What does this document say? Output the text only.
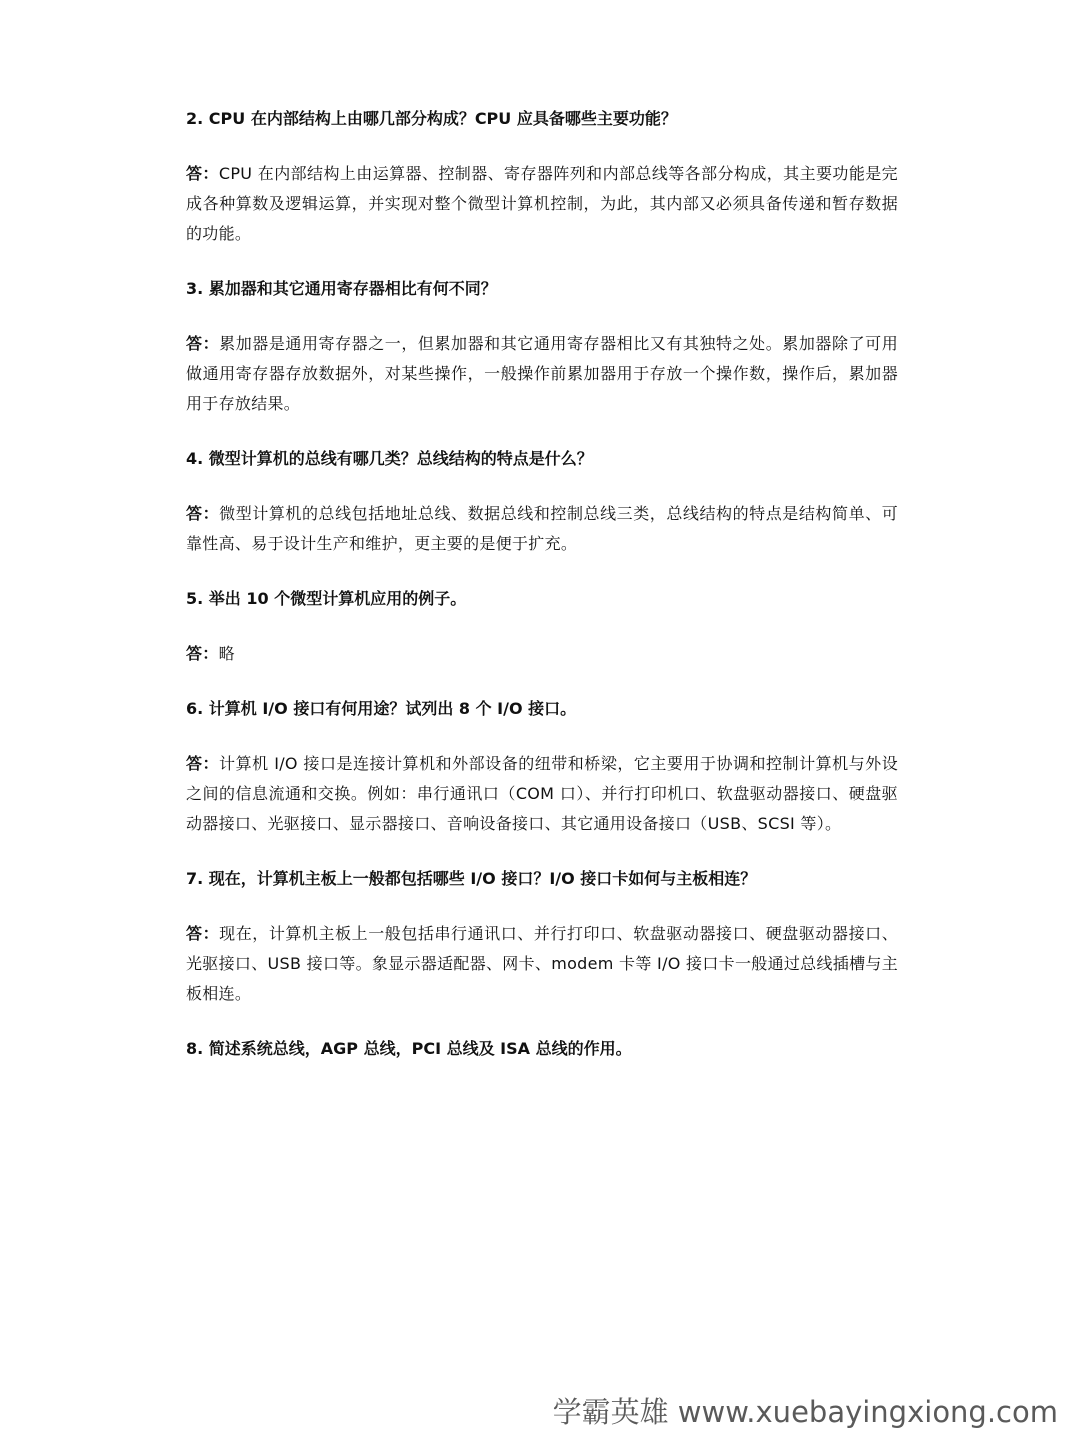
2. CPU 在内部结构上由哪几部分构成？CPU 应具备哪些主要功能？

答：CPU 在内部结构上由运算器、控制器、寄存器阵列和内部总线等各部分构成，其主要功能是完成各种算数及逻辑运算，并实现对整个微型计算机控制，为此，其内部又必须具备传递和暂存数据的功能。

3. 累加器和其它通用寄存器相比有何不同？

答：累加器是通用寄存器之一，但累加器和其它通用寄存器相比又有其独特之处。累加器除了可用做通用寄存器存放数据外，对某些操作，一般操作前累加器用于存放一个操作数，操作后，累加器用于存放结果。

4. 微型计算机的总线有哪几类？总线结构的特点是什么？

答：微型计算机的总线包括地址总线、数据总线和控制总线三类，总线结构的特点是结构简单、可靠性高、易于设计生产和维护，更主要的是便于扩充。

5. 举出 10 个微型计算机应用的例子。

答：略

6. 计算机 I/O 接口有何用途？试列出 8 个 I/O 接口。

答：计算机 I/O 接口是连接计算机和外部设备的纽带和桥梁，它主要用于协调和控制计算机与外设之间的信息流通和交换。例如：串行通讯口（COM 口）、并行打印机口、软盘驱动器接口、硬盘驱动器接口、光驱接口、显示器接口、音响设备接口、其它通用设备接口（USB、SCSI 等）。

7. 现在，计算机主板上一般都包括哪些 I/O 接口？I/O 接口卡如何与主板相连？

答：现在，计算机主板上一般包括串行通讯口、并行打印口、软盘驱动器接口、硬盘驱动器接口、光驱接口、USB 接口等。象显示器适配器、网卡、modem 卡等 I/O 接口卡一般通过总线插槽与主板相连。

8. 简述系统总线，AGP 总线，PCI 总线及 ISA 总线的作用。

学霸英雄 www.xuebayingxiong.com
